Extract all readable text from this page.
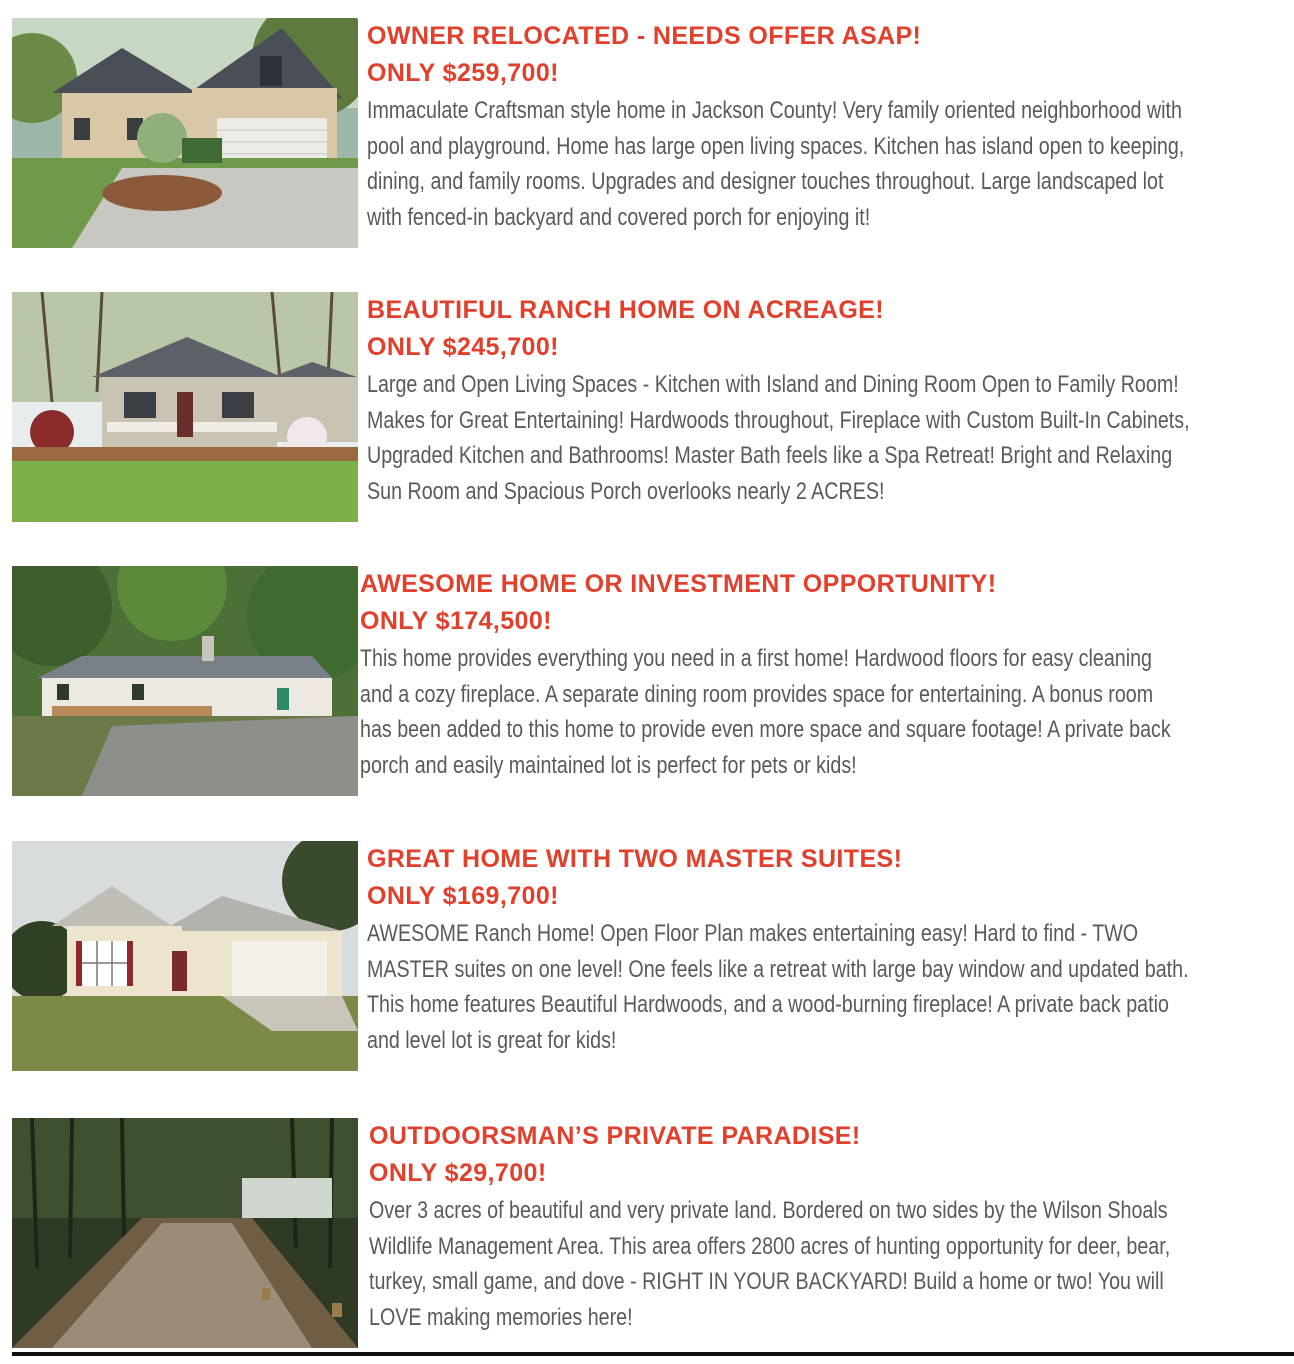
OWNER RELOCATED - NEEDS OFFER ASAP!
ONLY $259,700!
Immaculate Craftsman style home in Jackson County! Very family oriented neighborhood with pool and playground. Home has large open living spaces. Kitchen has island open to keeping, dining, and family rooms. Upgrades and designer touches throughout. Large landscaped lot with fenced-in backyard and covered porch for enjoying it!
BEAUTIFUL RANCH HOME ON ACREAGE!
ONLY $245,700!
Large and Open Living Spaces - Kitchen with Island and Dining Room Open to Family Room! Makes for Great Entertaining! Hardwoods throughout, Fireplace with Custom Built-In Cabinets, Upgraded Kitchen and Bathrooms! Master Bath feels like a Spa Retreat! Bright and Relaxing Sun Room and Spacious Porch overlooks nearly 2 ACRES!
AWESOME HOME OR INVESTMENT OPPORTUNITY!
ONLY $174,500!
This home provides everything you need in a first home! Hardwood floors for easy cleaning and a cozy fireplace. A separate dining room provides space for entertaining. A bonus room has been added to this home to provide even more space and square footage! A private back porch and easily maintained lot is perfect for pets or kids!
GREAT HOME WITH TWO MASTER SUITES!
ONLY $169,700!
AWESOME Ranch Home! Open Floor Plan makes entertaining easy! Hard to find - TWO MASTER suites on one level! One feels like a retreat with large bay window and updated bath. This home features Beautiful Hardwoods, and a wood-burning fireplace! A private back patio and level lot is great for kids!
OUTDOORSMAN’S PRIVATE PARADISE!
ONLY $29,700!
Over 3 acres of beautiful and very private land. Bordered on two sides by the Wilson Shoals Wildlife Management Area. This area offers 2800 acres of hunting opportunity for deer, bear, turkey, small game, and dove - RIGHT IN YOUR BACKYARD! Build a home or two! You will LOVE making memories here!
